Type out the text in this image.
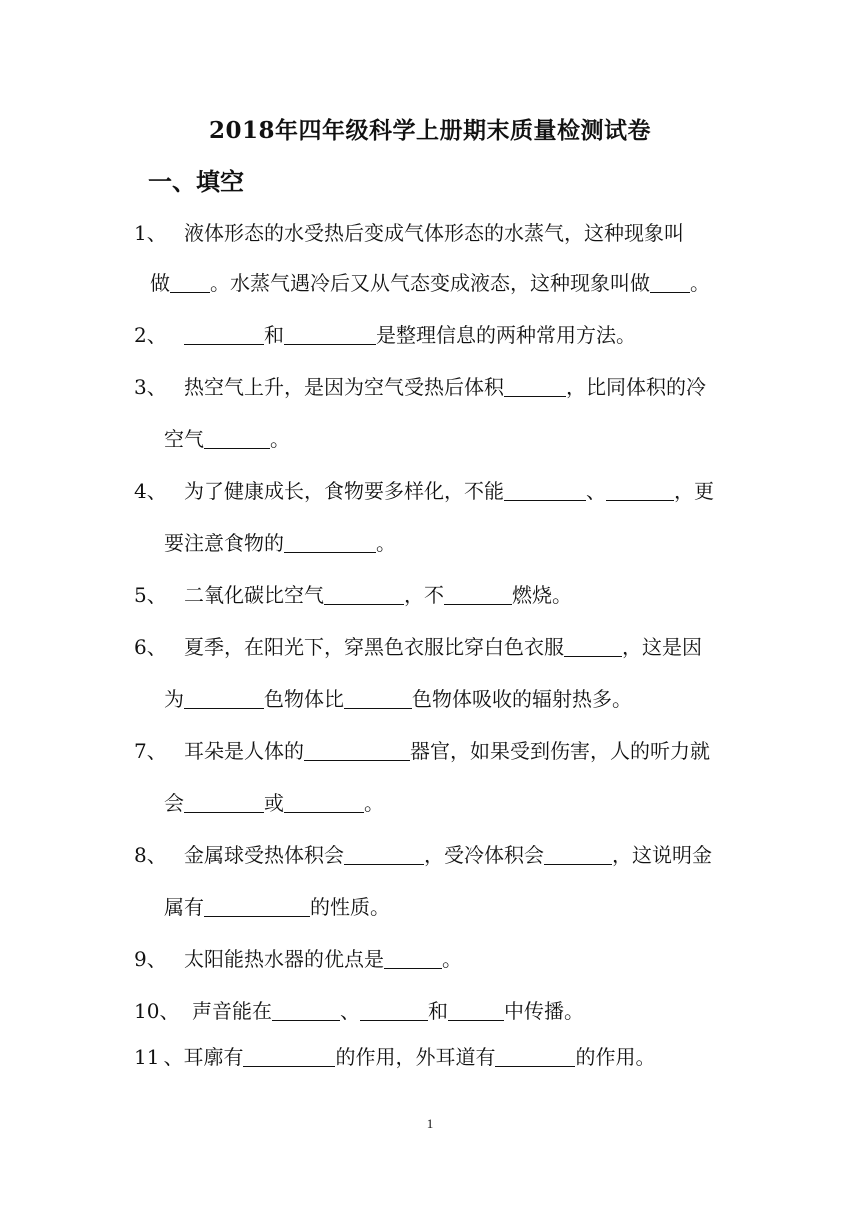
2018年四年级科学上册期末质量检测试卷
一、填空
1、 液体形态的水受热后变成气体形态的水蒸气，这种现象叫
做 。水蒸气遇冷后又从气态变成液态，这种现象叫做 。
2、	和	是整理信息的两种常用方法。
3、 热空气上升，是因为空气受热后体积	，比同体积的冷
空气	。
4、 为了健康成长，食物要多样化，不能	、	，更
要注意食物的	。
5、 二氧化碳比空气	，不	燃烧。
6、 夏季，在阳光下，穿黑色衣服比穿白色衣服	，这是因
为	色物体比	色物体吸收的辐射热多。
7、 耳朵是人体的	器官，如果受到伤害，人的听力就
会	或	。
8、 金属球受热体积会	，受冷体积会	，这说明金
属有	的性质。
9、 太阳能热水器的优点是	。
10、 声音能在	、	和	中传播。
11 、耳廓有	的作用，外耳道有	的作用。
1
